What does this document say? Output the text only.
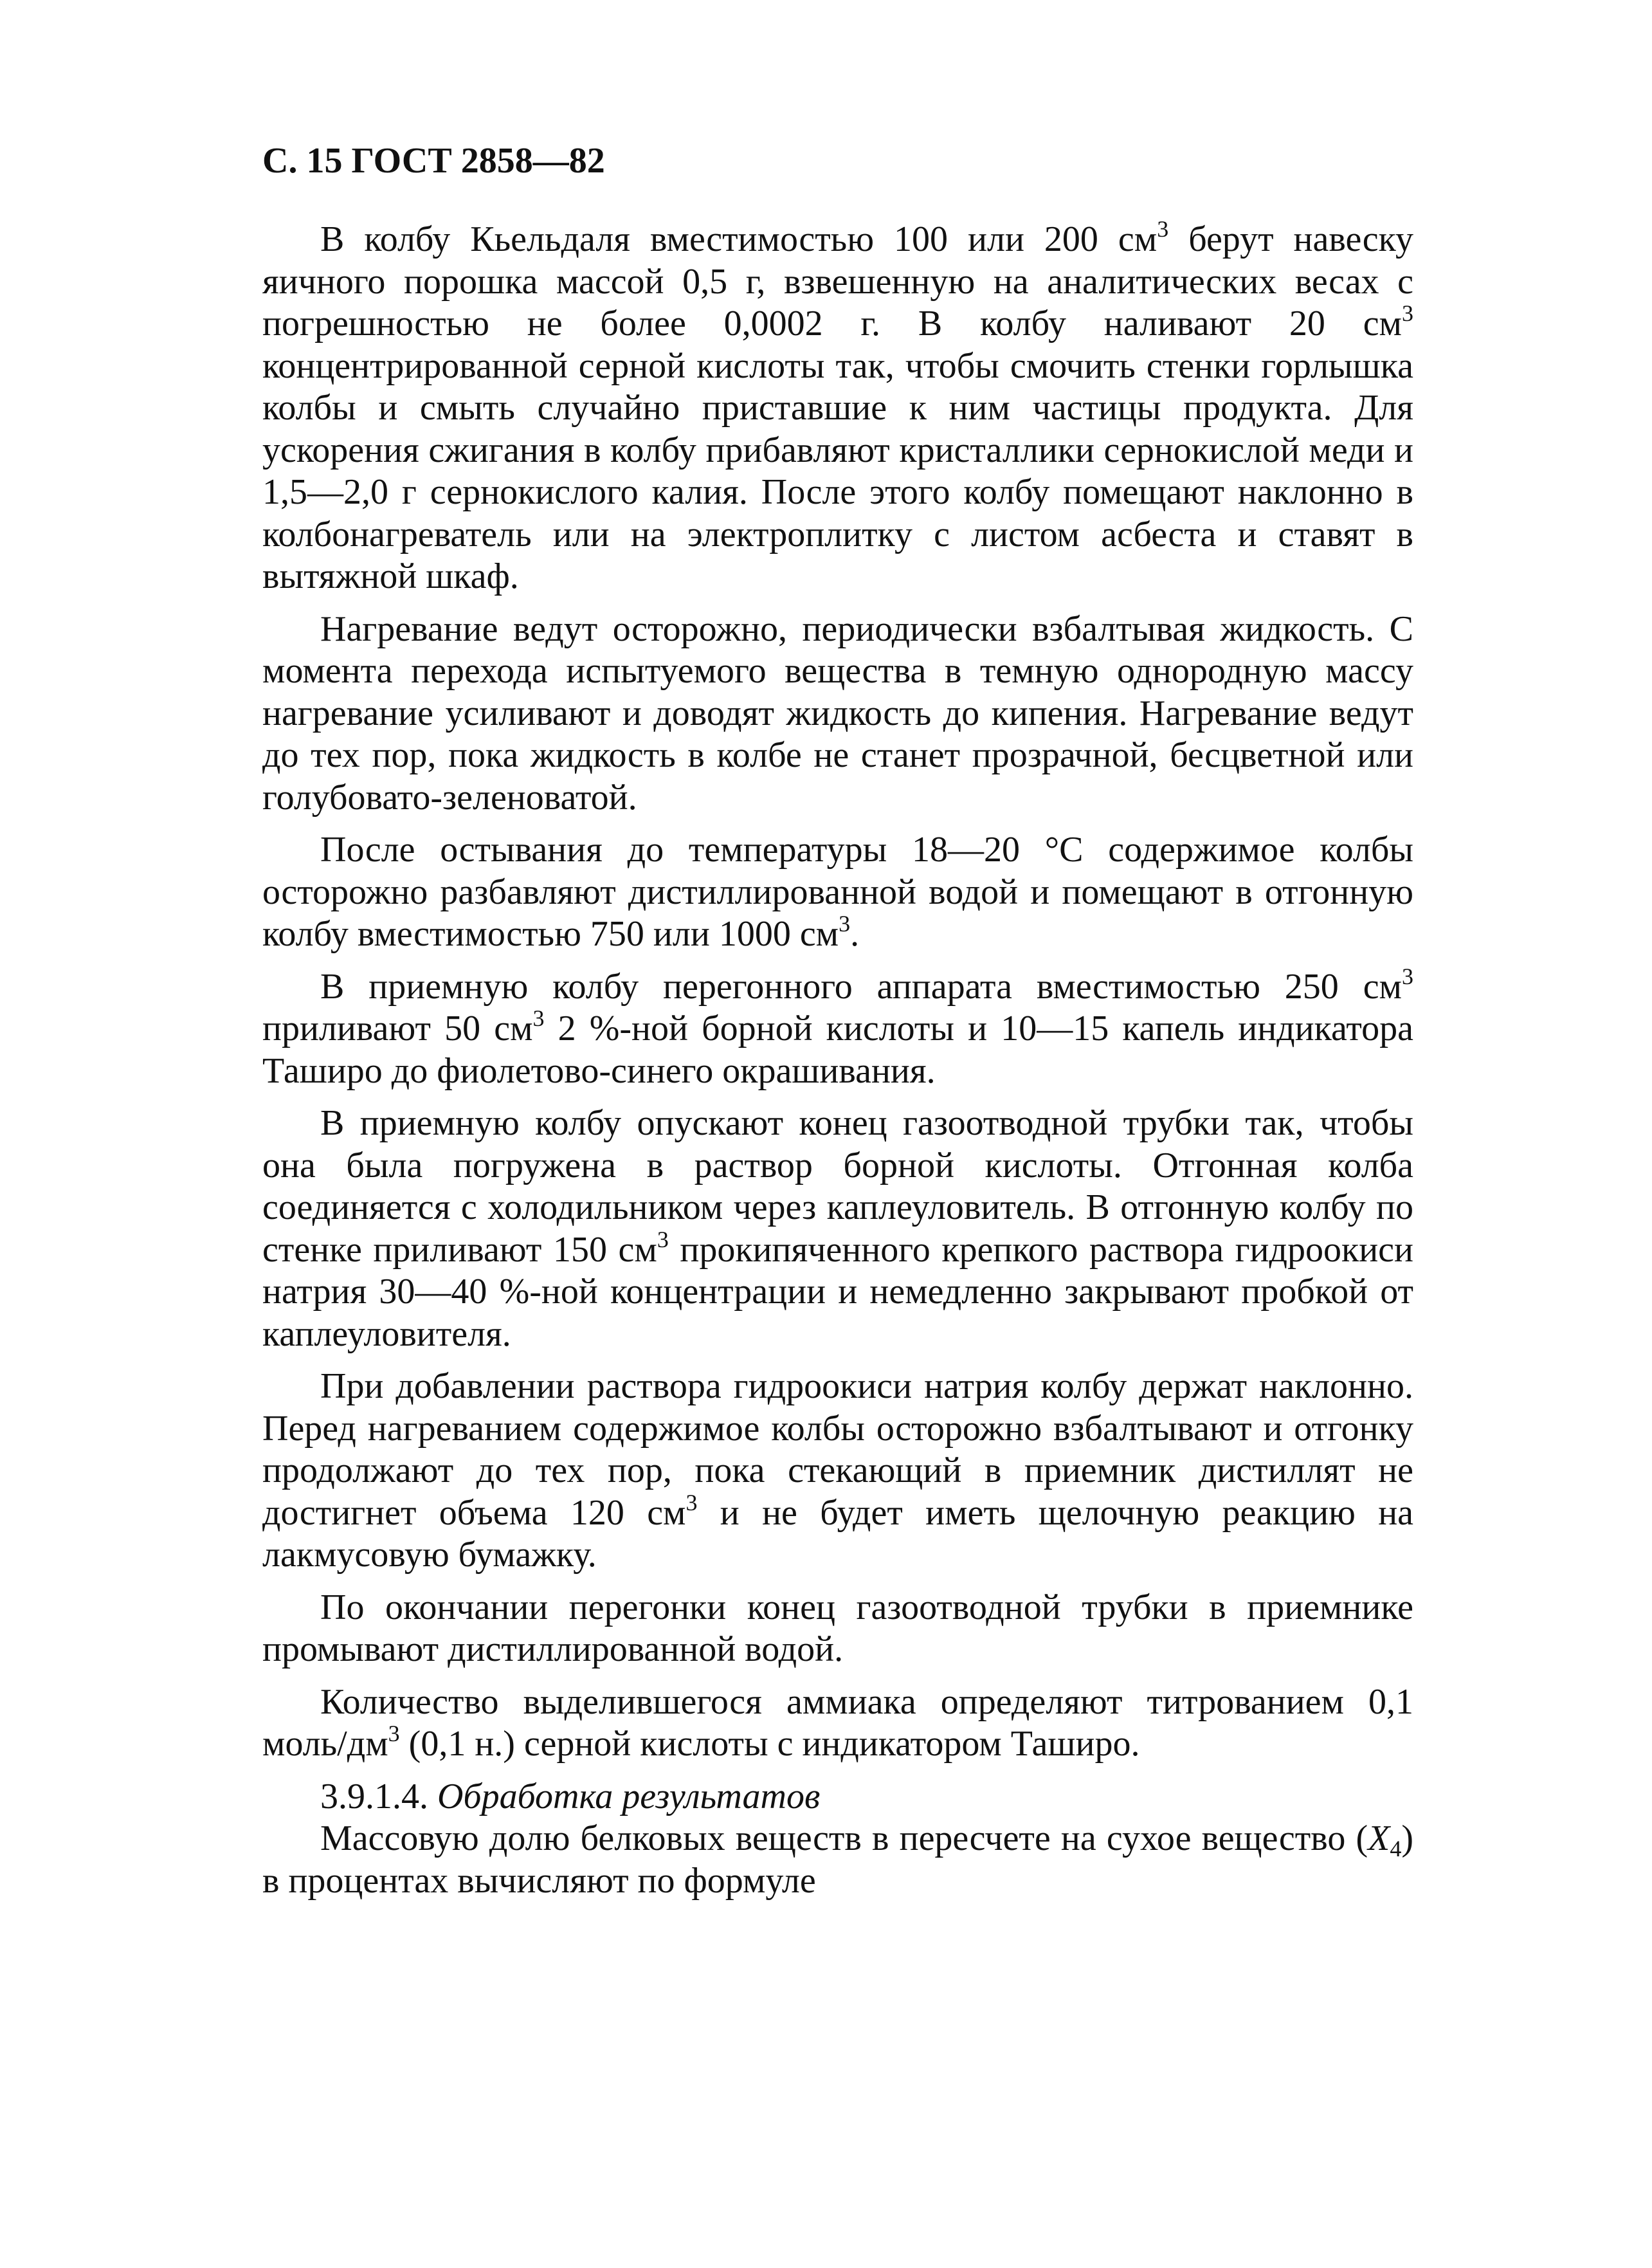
С. 15 ГОСТ 2858—82

В колбу Кьельдаля вместимостью 100 или 200 $см^3$ берут навеску яичного порошка массой 0,5 г, взвешенную на аналитических весах с погрешностью не более 0,0002 г. В колбу наливают 20 $см^3$ концентрированной серной кислоты так, чтобы смочить стенки горлышка колбы и смыть случайно приставшие к ним частицы продукта. Для ускорения сжигания в колбу прибавляют кристаллики сернокислой меди и 1,5—2,0 г сернокислого калия. После этого колбу помещают наклонно в колбонагреватель или на электроплитку с листом асбеста и ставят в вытяжной шкаф.

Нагревание ведут осторожно, периодически взбалтывая жидкость. С момента перехода испытуемого вещества в темную однородную массу нагревание усиливают и доводят жидкость до кипения. Нагревание ведут до тех пор, пока жидкость в колбе не станет прозрачной, бесцветной или голубовато-зеленоватой.

После остывания до температуры 18—20 °С содержимое колбы осторожно разбавляют дистиллированной водой и помещают в отгонную колбу вместимостью 750 или 1000 $см^3$.

В приемную колбу перегонного аппарата вместимостью 250 $см^3$ приливают 50 $см^3$ 2 %-ной борной кислоты и 10—15 капель индикатора Таширо до фиолетово-синего окрашивания.

В приемную колбу опускают конец газоотводной трубки так, чтобы она была погружена в раствор борной кислоты. Отгонная колба соединяется с холодильником через каплеуловитель. В отгонную колбу по стенке приливают 150 $см^3$ прокипяченного крепкого раствора гидроокиси натрия 30—40 %-ной концентрации и немедленно закрывают пробкой от каплеуловителя.

При добавлении раствора гидроокиси натрия колбу держат наклонно. Перед нагреванием содержимое колбы осторожно взбалтывают и отгонку продолжают до тех пор, пока стекающий в приемник дистиллят не достигнет объема 120 $см^3$ и не будет иметь щелочную реакцию на лакмусовую бумажку.

По окончании перегонки конец газоотводной трубки в приемнике промывают дистиллированной водой.

Количество выделившегося аммиака определяют титрованием 0,1 моль/$дм^3$ (0,1 н.) серной кислоты с индикатором Таширо.

3.9.1.4. Обработка результатов

Массовую долю белковых веществ в пересчете на сухое вещество $(X_4)$ в процентах вычисляют по формуле
